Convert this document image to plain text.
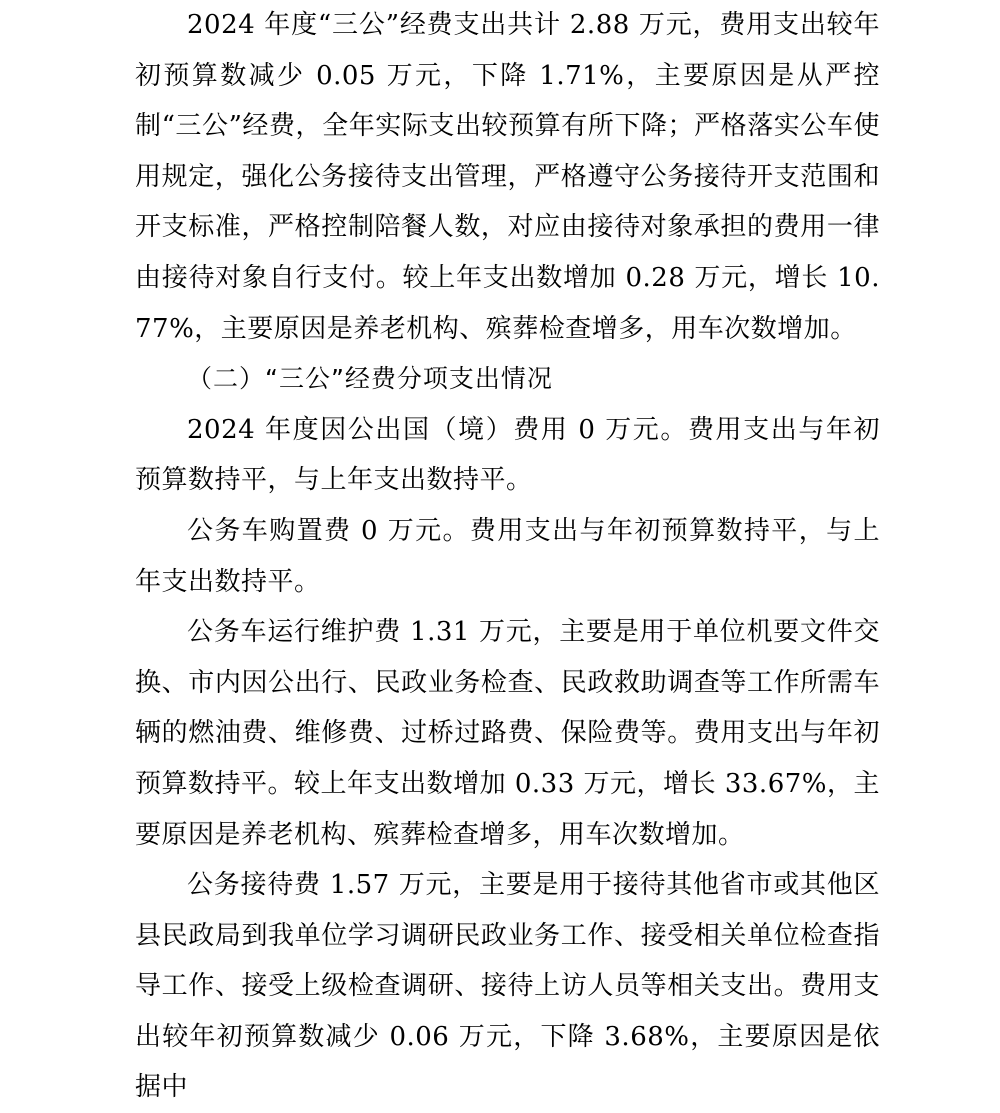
2024 年度“三公”经费支出共计 2.88 万元，费用支出较年初预算数减少 0.05 万元，下降 1.71%，主要原因是从严控制“三公”经费，全年实际支出较预算有所下降；严格落实公车使用规定，强化公务接待支出管理，严格遵守公务接待开支范围和开支标准，严格控制陪餐人数，对应由接待对象承担的费用一律由接待对象自行支付。较上年支出数增加 0.28 万元，增长 10.77%，主要原因是养老机构、殡葬检查增多，用车次数增加。

（二）“三公”经费分项支出情况

2024 年度因公出国（境）费用 0 万元。费用支出与年初预算数持平，与上年支出数持平。

公务车购置费 0 万元。费用支出与年初预算数持平，与上年支出数持平。

公务车运行维护费 1.31 万元，主要是用于单位机要文件交换、市内因公出行、民政业务检查、民政救助调查等工作所需车辆的燃油费、维修费、过桥过路费、保险费等。费用支出与年初预算数持平。较上年支出数增加 0.33 万元，增长 33.67%，主要原因是养老机构、殡葬检查增多，用车次数增加。

公务接待费 1.57 万元，主要是用于接待其他省市或其他区县民政局到我单位学习调研民政业务工作、接受相关单位检查指导工作、接受上级检查调研、接待上访人员等相关支出。费用支出较年初预算数减少 0.06 万元，下降 3.68%，主要原因是依据中
